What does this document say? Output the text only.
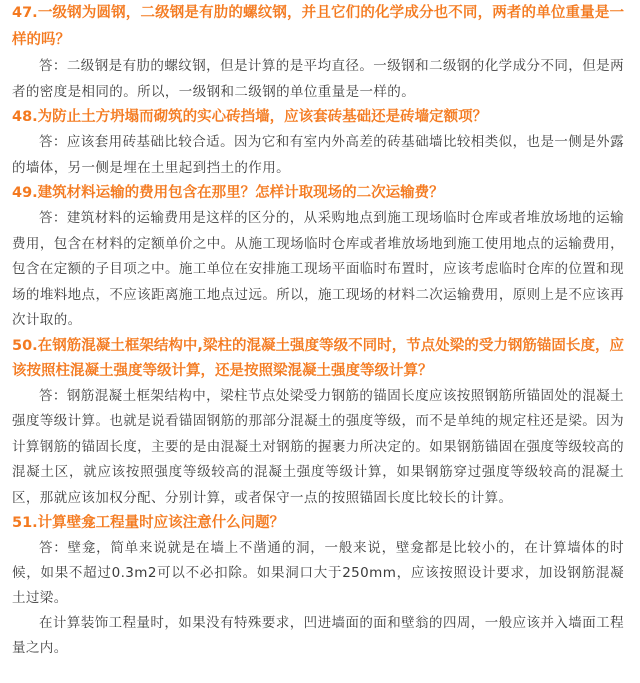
47.一级钢为圆钢，二级钢是有肋的螺纹钢，并且它们的化学成分也不同，两者的单位重量是一样的吗？

答：二级钢是有肋的螺纹钢，但是计算的是平均直径。一级钢和二级钢的化学成分不同，但是两者的密度是相同的。所以，一级钢和二级钢的单位重量是一样的。

48.为防止土方坍塌而砌筑的实心砖挡墙，应该套砖基础还是砖墙定额项？

答：应该套用砖基础比较合适。因为它和有室内外高差的砖基础墙比较相类似，也是一侧是外露的墙体，另一侧是埋在土里起到挡土的作用。

49.建筑材料运输的费用包含在那里？怎样计取现场的二次运输费？

答：建筑材料的运输费用是这样的区分的，从采购地点到施工现场临时仓库或者堆放场地的运输费用，包含在材料的定额单价之中。从施工现场临时仓库或者堆放场地到施工使用地点的运输费用，包含在定额的子目项之中。施工单位在安排施工现场平面临时布置时，应该考虑临时仓库的位置和现场的堆料地点，不应该距离施工地点过远。所以，施工现场的材料二次运输费用，原则上是不应该再次计取的。

50.在钢筋混凝土框架结构中,梁柱的混凝土强度等级不同时，节点处梁的受力钢筋锚固长度，应该按照柱混凝土强度等级计算，还是按照梁混凝土强度等级计算？

答：钢筋混凝土框架结构中，梁柱节点处梁受力钢筋的锚固长度应该按照钢筋所锚固处的混凝土强度等级计算。也就是说看锚固钢筋的那部分混凝土的强度等级，而不是单纯的规定柱还是梁。因为计算钢筋的锚固长度，主要的是由混凝土对钢筋的握裹力所决定的。如果钢筋锚固在强度等级较高的混凝土区，就应该按照强度等级较高的混凝土强度等级计算，如果钢筋穿过强度等级较高的混凝土区，那就应该加权分配、分别计算，或者保守一点的按照锚固长度比较长的计算。

51.计算壁龛工程量时应该注意什么问题？

答：壁龛，简单来说就是在墙上不凿通的洞，一般来说，壁龛都是比较小的，在计算墙体的时候，如果不超过0.3m2可以不必扣除。如果洞口大于250mm，应该按照设计要求，加设钢筋混凝土过梁。

在计算装饰工程量时，如果没有特殊要求，凹进墙面的面和壁翁的四周，一般应该并入墙面工程量之内。
